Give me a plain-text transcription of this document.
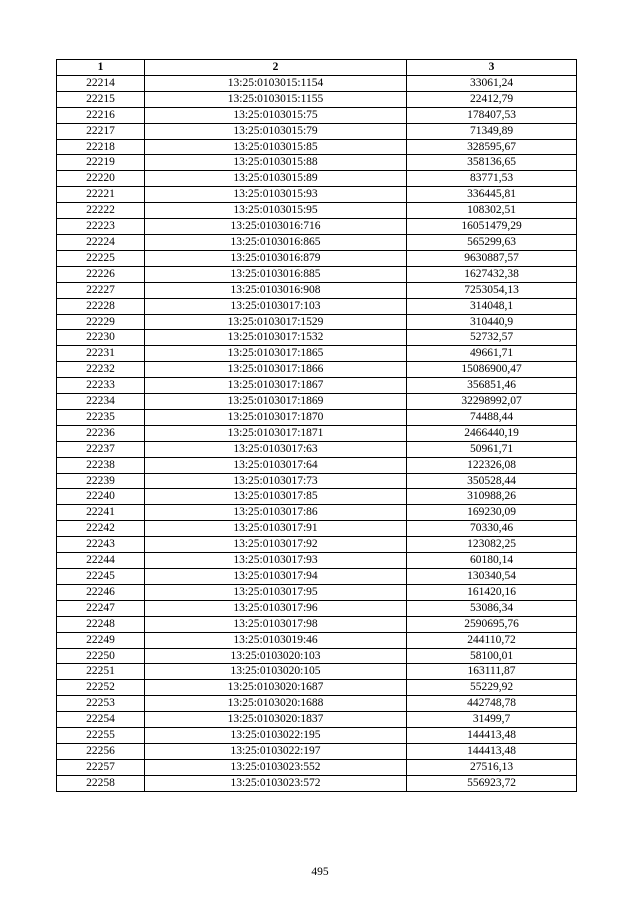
1	2	3
22214	13:25:0103015:1154	33061,24
22215	13:25:0103015:1155	22412,79
22216	13:25:0103015:75	178407,53
22217	13:25:0103015:79	71349,89
22218	13:25:0103015:85	328595,67
22219	13:25:0103015:88	358136,65
22220	13:25:0103015:89	83771,53
22221	13:25:0103015:93	336445,81
22222	13:25:0103015:95	108302,51
22223	13:25:0103016:716	16051479,29
22224	13:25:0103016:865	565299,63
22225	13:25:0103016:879	9630887,57
22226	13:25:0103016:885	1627432,38
22227	13:25:0103016:908	7253054,13
22228	13:25:0103017:103	314048,1
22229	13:25:0103017:1529	310440,9
22230	13:25:0103017:1532	52732,57
22231	13:25:0103017:1865	49661,71
22232	13:25:0103017:1866	15086900,47
22233	13:25:0103017:1867	356851,46
22234	13:25:0103017:1869	32298992,07
22235	13:25:0103017:1870	74488,44
22236	13:25:0103017:1871	2466440,19
22237	13:25:0103017:63	50961,71
22238	13:25:0103017:64	122326,08
22239	13:25:0103017:73	350528,44
22240	13:25:0103017:85	310988,26
22241	13:25:0103017:86	169230,09
22242	13:25:0103017:91	70330,46
22243	13:25:0103017:92	123082,25
22244	13:25:0103017:93	60180,14
22245	13:25:0103017:94	130340,54
22246	13:25:0103017:95	161420,16
22247	13:25:0103017:96	53086,34
22248	13:25:0103017:98	2590695,76
22249	13:25:0103019:46	244110,72
22250	13:25:0103020:103	58100,01
22251	13:25:0103020:105	163111,87
22252	13:25:0103020:1687	55229,92
22253	13:25:0103020:1688	442748,78
22254	13:25:0103020:1837	31499,7
22255	13:25:0103022:195	144413,48
22256	13:25:0103022:197	144413,48
22257	13:25:0103023:552	27516,13
22258	13:25:0103023:572	556923,72
495
